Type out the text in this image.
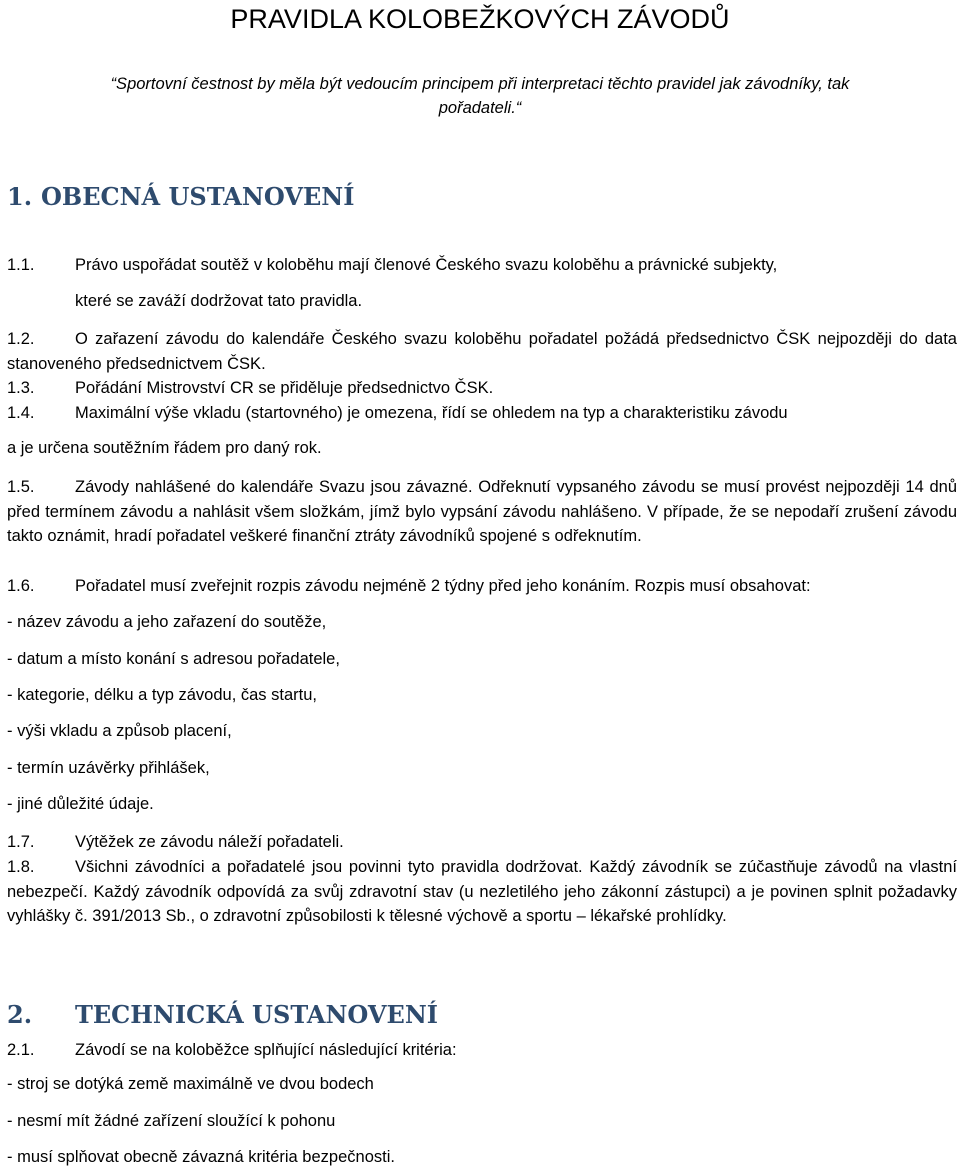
PRAVIDLA KOLOBEŽKOVÝCH ZÁVODŮ

“Sportovní čestnost by měla být vedoucím principem při interpretaci těchto pravidel jak závodníky, tak pořadateli.“

1. OBECNÁ USTANOVENÍ
1.1. Právo uspořádat soutěž v koloběhu mají členové Českého svazu koloběhu a právnické subjekty,
které se zaváží dodržovat tato pravidla.

1.2. O zařazení závodu do kalendáře Českého svazu koloběhu pořadatel požádá předsednictvo ČSK nejpozději do data stanoveného předsednictvem ČSK.

1.3. Pořádání Mistrovství CR se přiděluje předsednictvo ČSK.

1.4. Maximální výše vkladu (startovného) je omezena, řídí se ohledem na typ a charakteristiku závodu
a je určena soutěžním řádem pro daný rok.

1.5. Závody nahlášené do kalendáře Svazu jsou závazné. Odřeknutí vypsaného závodu se musí provést nejpozději 14 dnů před termínem závodu a nahlásit všem složkám, jímž bylo vypsání závodu nahlášeno. V případe, že se nepodaří zrušení závodu takto oznámit, hradí pořadatel veškeré finanční ztráty závodníků spojené s odřeknutím.

1.6. Pořadatel musí zveřejnit rozpis závodu nejméně 2 týdny před jeho konáním. Rozpis musí obsahovat:

- název závodu a jeho zařazení do soutěže,

- datum a místo konání s adresou pořadatele,

- kategorie, délku a typ závodu, čas startu,

- výši vkladu a způsob placení,

- termín uzávěrky přihlášek,

- jiné důležité údaje.

1.7. Výtěžek ze závodu náleží pořadateli.

1.8. Všichni závodníci a pořadatelé jsou povinni tyto pravidla dodržovat. Každý závodník se zúčastňuje závodů na vlastní nebezpečí. Každý závodník odpovídá za svůj zdravotní stav (u nezletilého jeho zákonní zástupci) a je povinen splnit požadavky vyhlášky č. 391/2013 Sb., o zdravotní způsobilosti k tělesné výchově a sportu – lékařské prohlídky.

2. TECHNICKÁ USTANOVENÍ

2.1. Závodí se na koloběžce splňující následující kritéria:

- stroj se dotýká země maximálně ve dvou bodech

- nesmí mít žádné zařízení sloužící k pohonu

- musí splňovat obecně závazná kritéria bezpečnosti.
